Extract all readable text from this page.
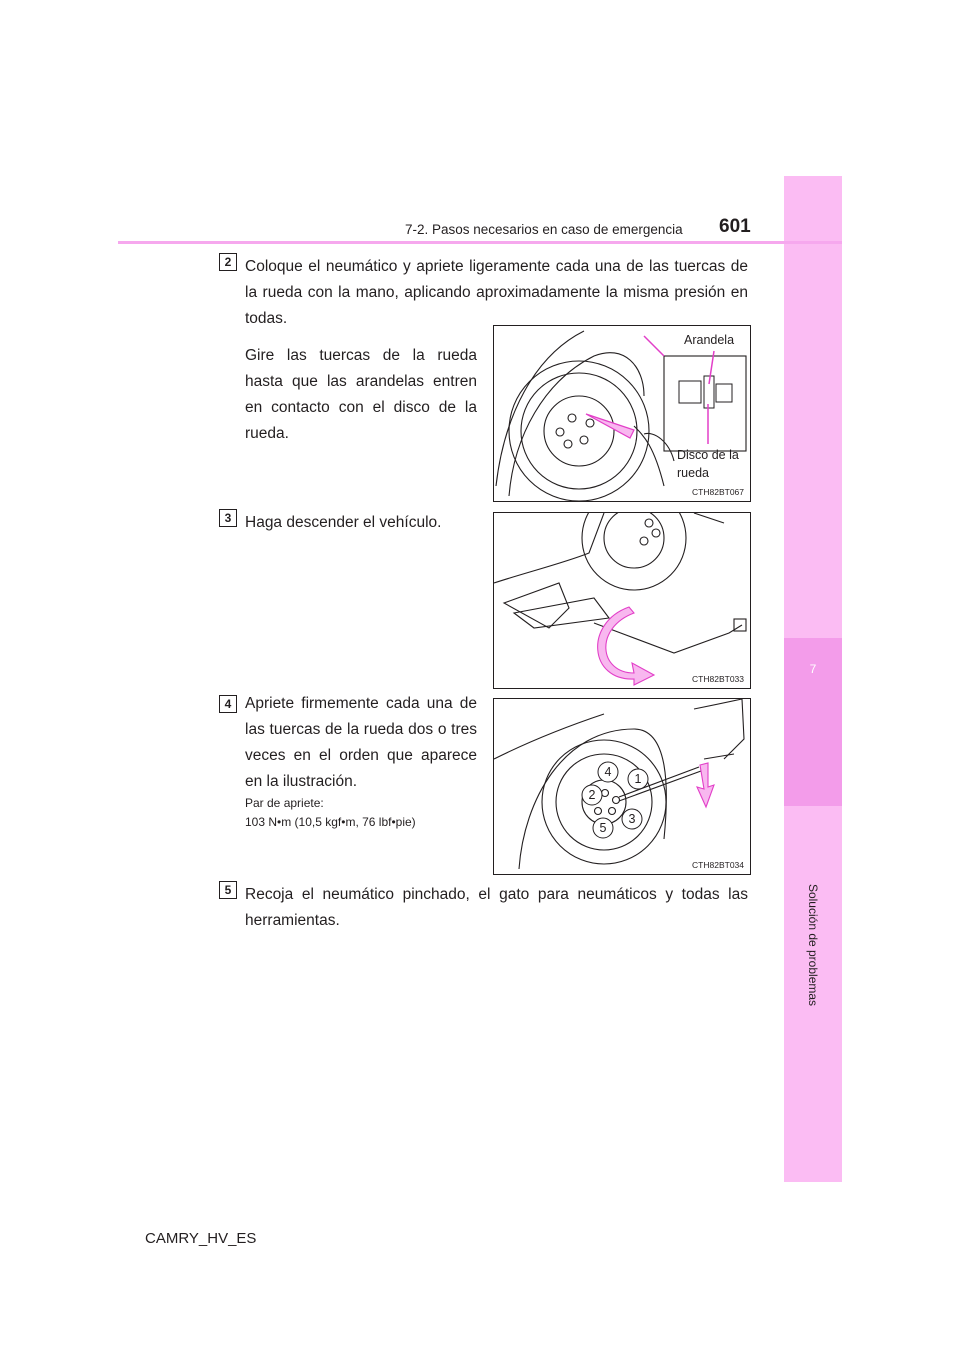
7
Solución de problemas
7-2. Pasos necesarios en caso de emergencia 601
2 Coloque el neumático y apriete ligeramente cada una de las tuercas de la rueda con la mano, aplicando aproximadamente la misma presión en todas.
Gire las tuercas de la rueda hasta que las arandelas entren en contacto con el disco de la rueda.
Arandela
Disco de la rueda
CTH82BT067
3 Haga descender el vehículo.
CTH82BT033
4 Apriete firmemente cada una de las tuercas de la rueda dos o tres veces en el orden que aparece en la ilustración.
Par de apriete:
103 N•m (10,5 kgf•m, 76 lbf•pie)
4 1
2
3
5
CTH82BT034
5 Recoja el neumático pinchado, el gato para neumáticos y todas las herramientas.
CAMRY_HV_ES
